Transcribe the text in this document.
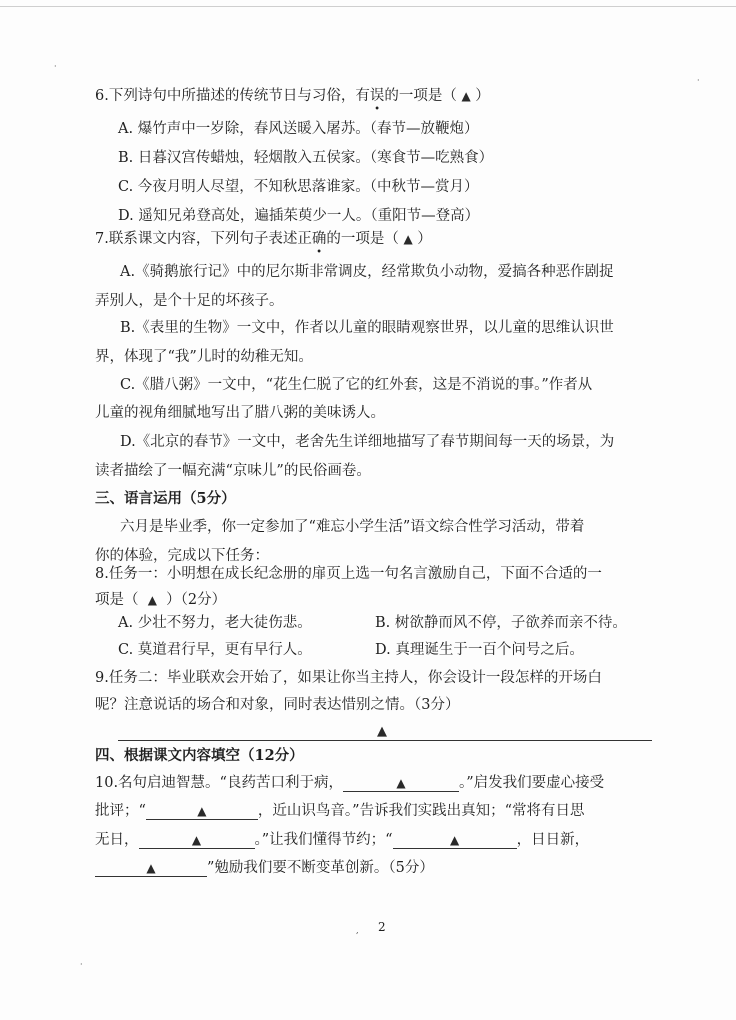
·
·
·
6.下列诗句中所描述的传统节日与习俗，有误
•
的一项是（ ▲ ）
A. 爆竹声中一岁除，春风送暖入屠苏。（春节—放鞭炮）
B. 日暮汉宫传蜡烛，轻烟散入五侯家。（寒食节—吃熟食）
C. 今夜月明人尽望，不知秋思落谁家。（中秋节—赏月）
D. 遥知兄弟登高处，遍插茱萸少一人。（重阳节—登高）
7.联系课文内容，下列句子表述正确
•
的一项是（ ▲ ）
A.《骑鹅旅行记》中的尼尔斯非常调皮，经常欺负小动物，爱搞各种恶作剧捉
弄别人，是个十足的坏孩子。
B.《表里的生物》一文中，作者以儿童的眼睛观察世界，以儿童的思维认识世
界，体现了“我”儿时的幼稚无知。
C.《腊八粥》一文中，“花生仁脱了它的红外套，这是不消说的事。”作者从
儿童的视角细腻地写出了腊八粥的美味诱人。
D.《北京的春节》一文中，老舍先生详细地描写了春节期间每一天的场景，为
读者描绘了一幅充满“京味儿”的民俗画卷。
三、语言运用（5分）
六月是毕业季，你一定参加了“难忘小学生活”语文综合性学习活动，带着
你的体验，完成以下任务：
8.任务一：小明想在成长纪念册的扉页上选一句名言激励自己，下面不合适的一
项是（ ▲ ）（2分）
A. 少壮不努力，老大徒伤悲。	B. 树欲静而风不停，子欲养而亲不待。
C. 莫道君行早，更有早行人。	D. 真理诞生于一百个问号之后。
9.任务二：毕业联欢会开始了，如果让你当主持人，你会设计一段怎样的开场白
呢？注意说话的场合和对象，同时表达惜别之情。（3分）
▲
四、根据课文内容填空（12分）
10.名句启迪智慧。“良药苦口利于病，	▲	。”启发我们要虚心接受
批评；“	▲	，近山识鸟音。”告诉我们实践出真知；“常将有日思
无日，	▲	。”让我们懂得节约；“	▲	，日日新，
▲	”勉励我们要不断变革创新。（5分）
, 2
